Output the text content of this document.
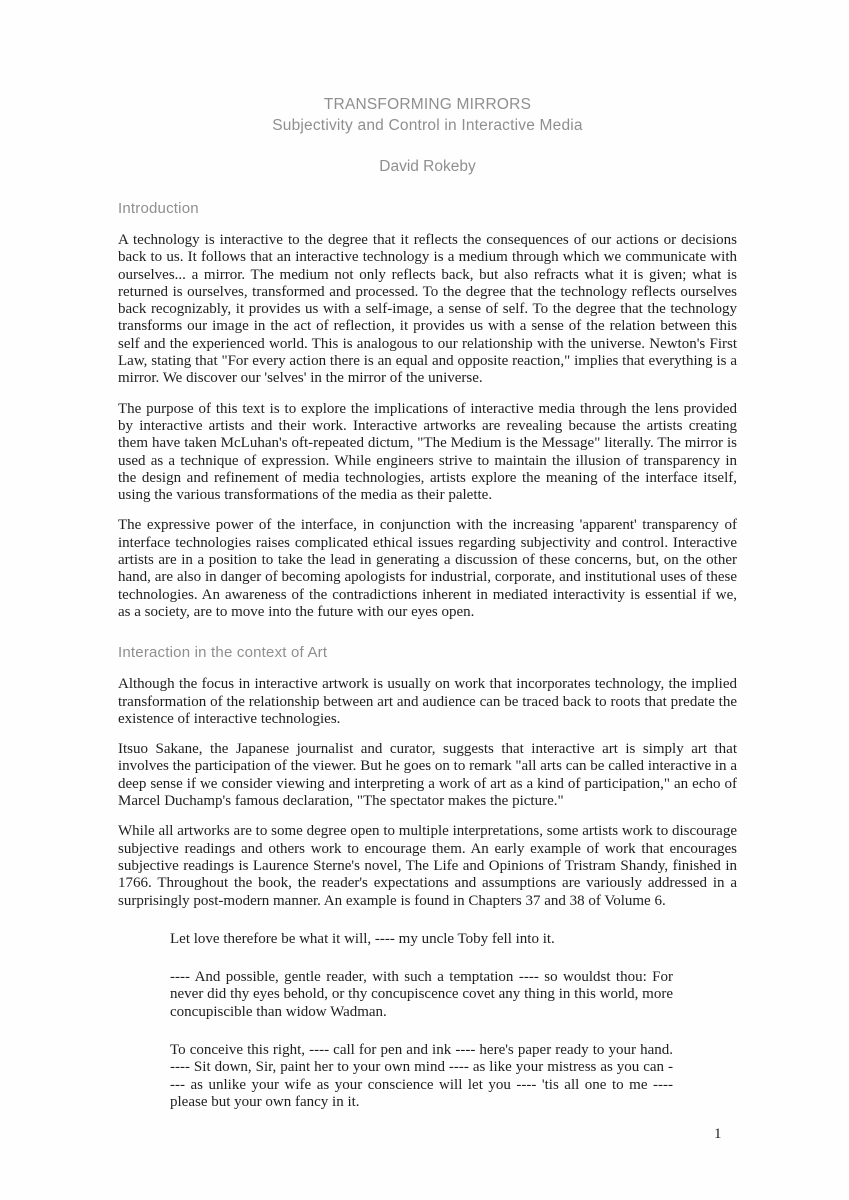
TRANSFORMING MIRRORS
Subjectivity and Control in Interactive Media
David Rokeby
Introduction

A technology is interactive to the degree that it reflects the consequences of our actions or decisions back to us. It follows that an interactive technology is a medium through which we communicate with ourselves... a mirror. The medium not only reflects back, but also refracts what it is given; what is returned is ourselves, transformed and processed. To the degree that the technology reflects ourselves back recognizably, it provides us with a self-image, a sense of self. To the degree that the technology transforms our image in the act of reflection, it provides us with a sense of the relation between this self and the experienced world. This is analogous to our relationship with the universe. Newton's First Law, stating that "For every action there is an equal and opposite reaction," implies that everything is a mirror. We discover our 'selves' in the mirror of the universe.

The purpose of this text is to explore the implications of interactive media through the lens provided by interactive artists and their work. Interactive artworks are revealing because the artists creating them have taken McLuhan's oft-repeated dictum, "The Medium is the Message" literally. The mirror is used as a technique of expression. While engineers strive to maintain the illusion of transparency in the design and refinement of media technologies, artists explore the meaning of the interface itself, using the various transformations of the media as their palette.

The expressive power of the interface, in conjunction with the increasing 'apparent' transparency of interface technologies raises complicated ethical issues regarding subjectivity and control. Interactive artists are in a position to take the lead in generating a discussion of these concerns, but, on the other hand, are also in danger of becoming apologists for industrial, corporate, and institutional uses of these technologies. An awareness of the contradictions inherent in mediated interactivity is essential if we, as a society, are to move into the future with our eyes open.

Interaction in the context of Art

Although the focus in interactive artwork is usually on work that incorporates technology, the implied transformation of the relationship between art and audience can be traced back to roots that predate the existence of interactive technologies.

Itsuo Sakane, the Japanese journalist and curator, suggests that interactive art is simply art that involves the participation of the viewer. But he goes on to remark "all arts can be called interactive in a deep sense if we consider viewing and interpreting a work of art as a kind of participation," an echo of Marcel Duchamp's famous declaration, "The spectator makes the picture."

While all artworks are to some degree open to multiple interpretations, some artists work to discourage subjective readings and others work to encourage them. An early example of work that encourages subjective readings is Laurence Sterne's novel, The Life and Opinions of Tristram Shandy, finished in 1766. Throughout the book, the reader's expectations and assumptions are variously addressed in a surprisingly post-modern manner. An example is found in Chapters 37 and 38 of Volume 6.

Let love therefore be what it will, ---- my uncle Toby fell into it.

---- And possible, gentle reader, with such a temptation ---- so wouldst thou: For never did thy eyes behold, or thy concupiscence covet any thing in this world, more concupiscible than widow Wadman.

To conceive this right, ---- call for pen and ink ---- here's paper ready to your hand. ---- Sit down, Sir, paint her to your own mind ---- as like your mistress as you can ---- as unlike your wife as your conscience will let you ---- 'tis all one to me ---- please but your own fancy in it.

1
